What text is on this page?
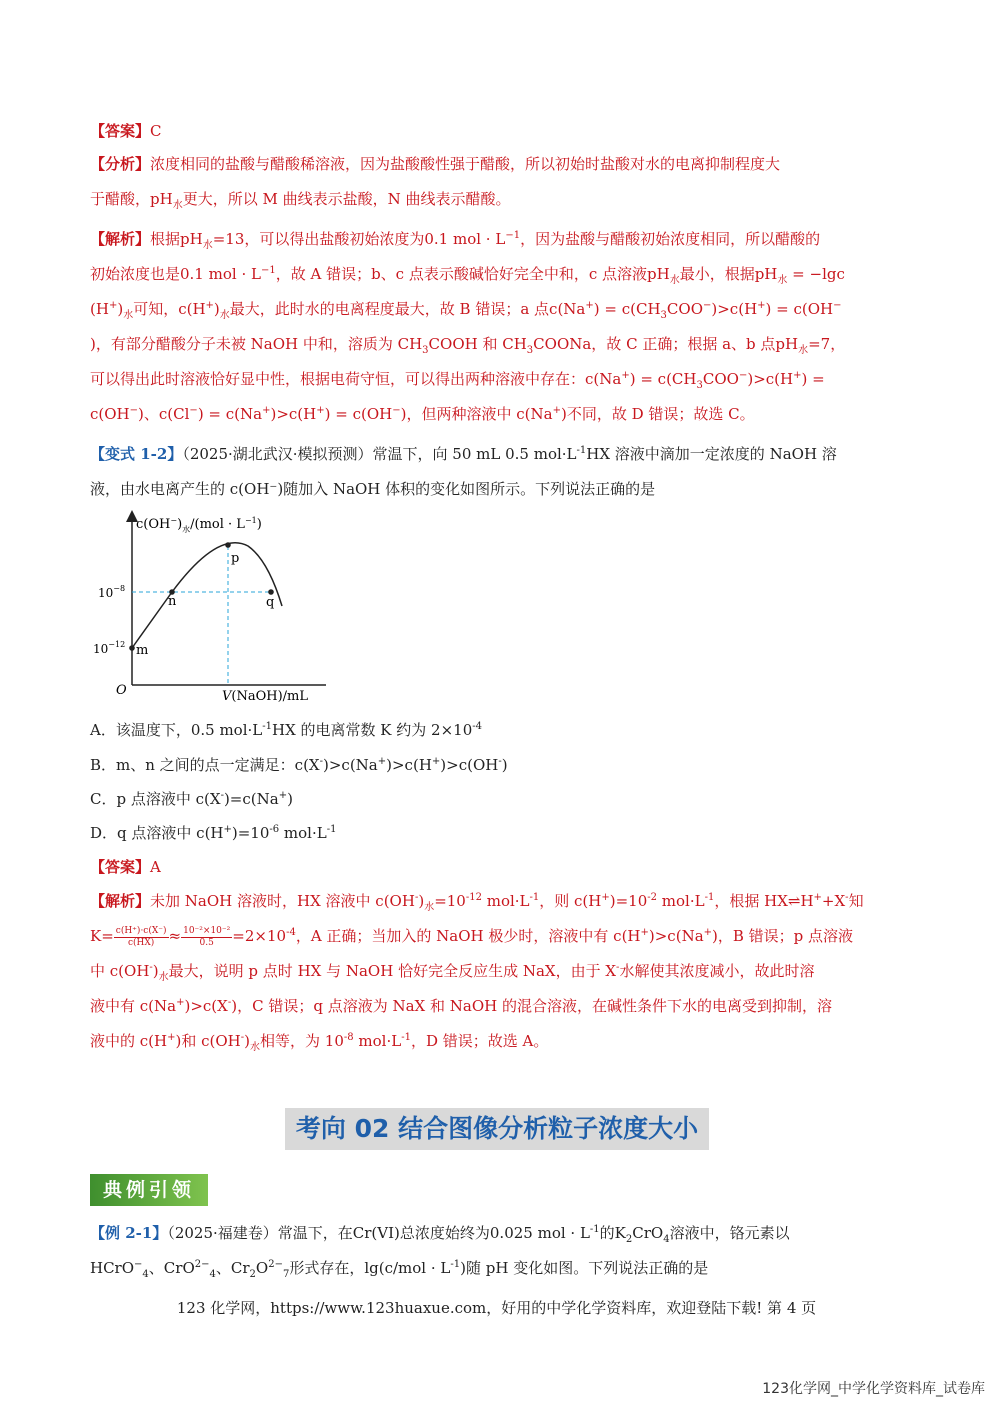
【答案】C
【分析】浓度相同的盐酸与醋酸稀溶液，因为盐酸酸性强于醋酸，所以初始时盐酸对水的电离抑制程度大
于醋酸，$pH_水$更大，所以 M 曲线表示盐酸，N 曲线表示醋酸。
【解析】根据$pH_水=13$，可以得出盐酸初始浓度为0.1 mol · $L^{-1}$，因为盐酸与醋酸初始浓度相同，所以醋酸的
初始浓度也是0.1 mol · $L^{-1}$，故 A 错误；b、c 点表示酸碱恰好完全中和，c 点溶液$pH_水$最小，根据$pH_水 = -\lg c$
$(H^+)_水$可知，$c(H^+)_水$最大，此时水的电离程度最大，故 B 错误；a 点$c(Na^+) = c(CH_3COO^-)>c(H^+) = c(OH^-$
)，有部分醋酸分子未被 NaOH 中和，溶质为 $CH_3COOH$ 和 $CH_3COONa$，故 C 正确；根据 a、b 点$pH_水=7$，
可以得出此时溶液恰好显中性，根据电荷守恒，可以得出两种溶液中存在：$c(Na^+) = c(CH_3COO^-)>c(H^+)$ =
c(OH−)、c(Cl−) = c(Na+)>c(H+) = c(OH−)，但两种溶液中 c(Na+)不同，故 D 错误；故选 C。
【变式 1-2】（2025·湖北武汉·模拟预测）常温下，向 50 mL 0.5 $mol\cdot L^{-1}HX$ 溶液中滴加一定浓度的 NaOH 溶
液，由水电离产生的 c(OH⁻)随加入 NaOH 体积的变化如图所示。下列说法正确的是
m
n
p
q
$10^{-8}$
$10^{-12}$
O
$c(OH^-)_水/(mol \cdot L^{-1})$
V(NaOH)/mL
A．该温度下，0.5 $mol\cdot L^{-1}HX$ 的电离常数 K 约为 $2\times 10^{-4}$
B．m、n 之间的点一定满足：c(X-)>c(Na+)>c(H+)>c(OH-)
C．p 点溶液中 c(X-)=c(Na+)
D．q 点溶液中 $c(H^+)=10^{-6}$ $mol\cdot L^{-1}$
【答案】A
【解析】未加 NaOH 溶液时，HX 溶液中 $c(OH^-)_水=10^{-12}$ $mol\cdot L^{-1}$，则 $c(H^+)=10^{-2}$ $mol\cdot L^{-1}$，根据 HX⇌H++X-知
$K= \frac{c(H^+)\cdot c(X^-)}{c(HX)} \approx \frac{\text{10⁻²×10⁻²}}{0.5} =2\times 10^{-4}$，A 正确；当加入的 NaOH 极少时，溶液中有 c(H+)>c(Na+)，B 错误；p 点溶液
中 $c(OH^-)_水$最大，说明 p 点时 HX 与 NaOH 恰好完全反应生成 NaX，由于 X-水解使其浓度减小，故此时溶
液中有 c(Na+)>c(X-)，C 错误；q 点溶液为 NaX 和 NaOH 的混合溶液，在碱性条件下水的电离受到抑制，溶
液中的 c(H+)和 $c(OH^-)_水$相等，为 $10^{-8}$ $mol\cdot L^{-1}$，D 错误；故选 A。
考向 02 结合图像分析粒子浓度大小
典例引领
【例 2-1】（2025·福建卷）常温下，在Cr(VI)总浓度始终为0.025 mol · $L^{-1}$的$K_2CrO_4$溶液中，铬元素以
HCrO−$_4$、CrO$^{2-}_4$、$Cr_2O^{2-}_7$形式存在，$\lg(c/mol \cdot L^{-1})$随 pH 变化如图。下列说法正确的是
123 化学网，https://www.123huaxue.com，好用的中学化学资料库，欢迎登陆下载! 第 4 页
123化学网_中学化学资料库_试卷库
